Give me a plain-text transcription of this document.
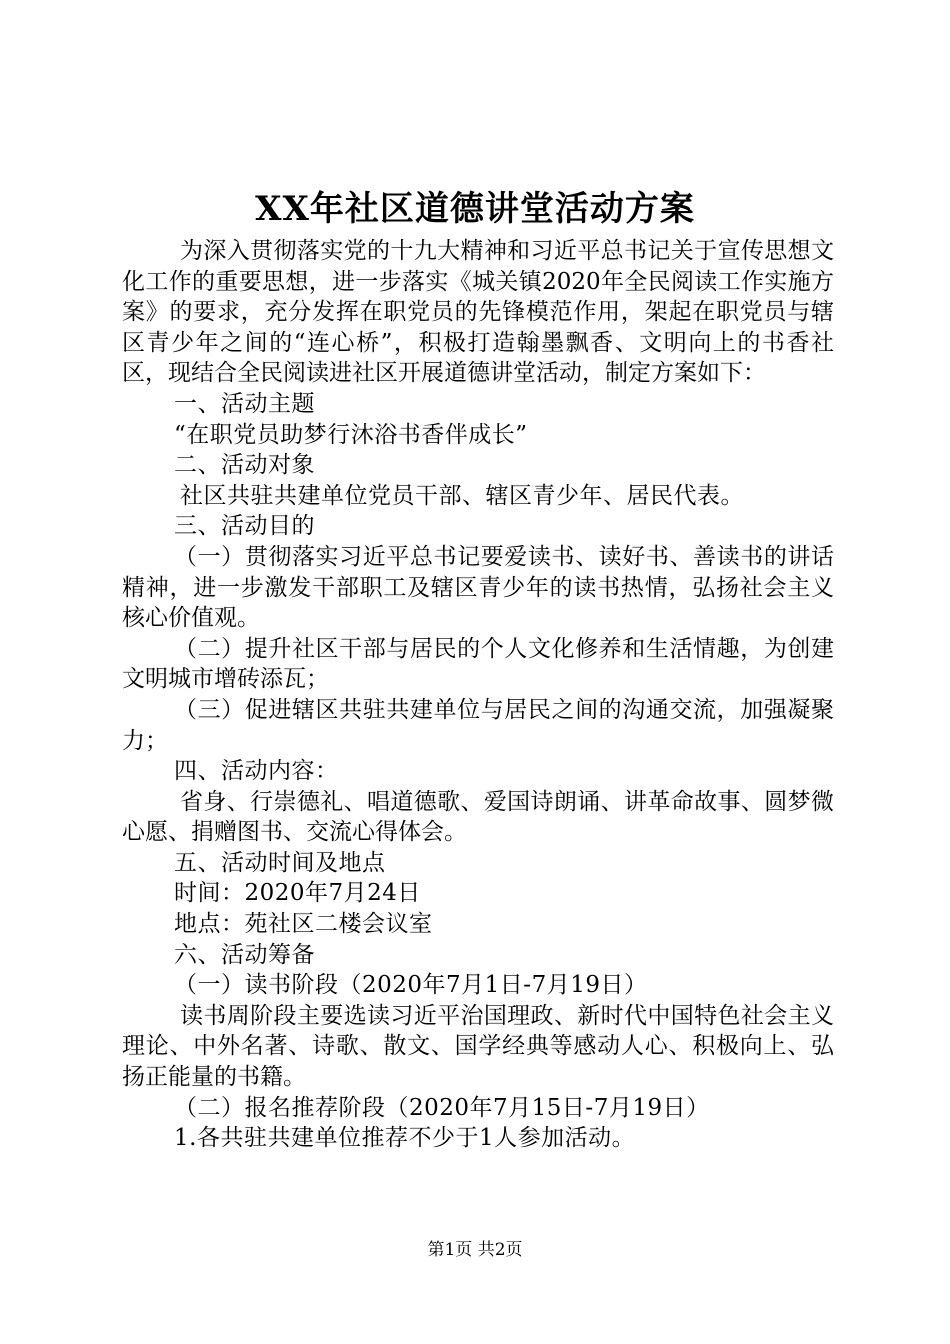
XX年社区道德讲堂活动方案

为深入贯彻落实党的十九大精神和习近平总书记关于宣传思想文化工作的重要思想，进一步落实《城关镇2020年全民阅读工作实施方案》的要求，充分发挥在职党员的先锋模范作用，架起在职党员与辖区青少年之间的“连心桥”，积极打造翰墨飘香、文明向上的书香社区，现结合全民阅读进社区开展道德讲堂活动，制定方案如下：

一、活动主题

“在职党员助梦行沐浴书香伴成长”

二、活动对象

社区共驻共建单位党员干部、辖区青少年、居民代表。

三、活动目的

（一）贯彻落实习近平总书记要爱读书、读好书、善读书的讲话精神，进一步激发干部职工及辖区青少年的读书热情，弘扬社会主义核心价值观。

（二）提升社区干部与居民的个人文化修养和生活情趣，为创建文明城市增砖添瓦；

（三）促进辖区共驻共建单位与居民之间的沟通交流，加强凝聚力；

四、活动内容：

省身、行崇德礼、唱道德歌、爱国诗朗诵、讲革命故事、圆梦微心愿、捐赠图书、交流心得体会。

五、活动时间及地点

时间：2020年7月24日

地点：苑社区二楼会议室

六、活动筹备

（一）读书阶段（2020年7月1日-7月19日）

读书周阶段主要选读习近平治国理政、新时代中国特色社会主义理论、中外名著、诗歌、散文、国学经典等感动人心、积极向上、弘扬正能量的书籍。

（二）报名推荐阶段（2020年7月15日-7月19日）

1.各共驻共建单位推荐不少于1人参加活动。

第1页 共2页
